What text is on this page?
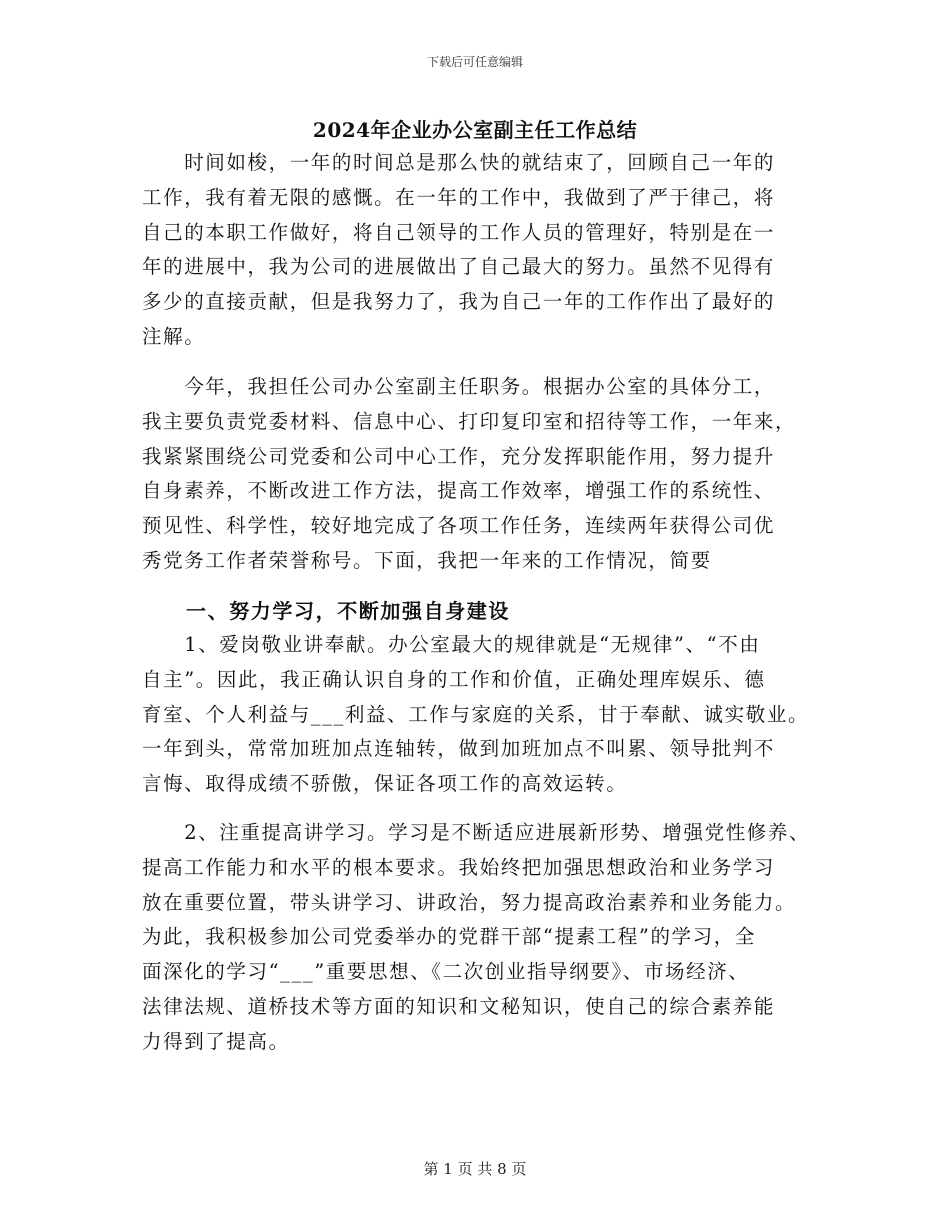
下载后可任意编辑
2024年企业办公室副主任工作总结
　　时间如梭，一年的时间总是那么快的就结束了，回顾自己一年的
工作，我有着无限的感慨。在一年的工作中，我做到了严于律己，将
自己的本职工作做好，将自己领导的工作人员的管理好，特别是在一
年的进展中，我为公司的进展做出了自己最大的努力。虽然不见得有
多少的直接贡献，但是我努力了，我为自己一年的工作作出了最好的
注解。
　　今年，我担任公司办公室副主任职务。根据办公室的具体分工，
我主要负责党委材料、信息中心、打印复印室和招待等工作，一年来，
我紧紧围绕公司党委和公司中心工作，充分发挥职能作用，努力提升
自身素养，不断改进工作方法，提高工作效率，增强工作的系统性、
预见性、科学性，较好地完成了各项工作任务，连续两年获得公司优
秀党务工作者荣誉称号。下面，我把一年来的工作情况，简要
一、努力学习，不断加强自身建设
　　1、爱岗敬业讲奉献。办公室最大的规律就是“无规律”、“不由
自主”。因此，我正确认识自身的工作和价值，正确处理库娱乐、德
育室、个人利益与___利益、工作与家庭的关系，甘于奉献、诚实敬业。
一年到头，常常加班加点连轴转，做到加班加点不叫累、领导批判不
言悔、取得成绩不骄傲，保证各项工作的高效运转。
　　2、注重提高讲学习。学习是不断适应进展新形势、增强党性修养、
提高工作能力和水平的根本要求。我始终把加强思想政治和业务学习
放在重要位置，带头讲学习、讲政治，努力提高政治素养和业务能力。
为此，我积极参加公司党委举办的党群干部“提素工程”的学习，全
面深化的学习“___”重要思想、《二次创业指导纲要》、市场经济、
法律法规、道桥技术等方面的知识和文秘知识，使自己的综合素养能
力得到了提高。
第 1 页 共 8 页
